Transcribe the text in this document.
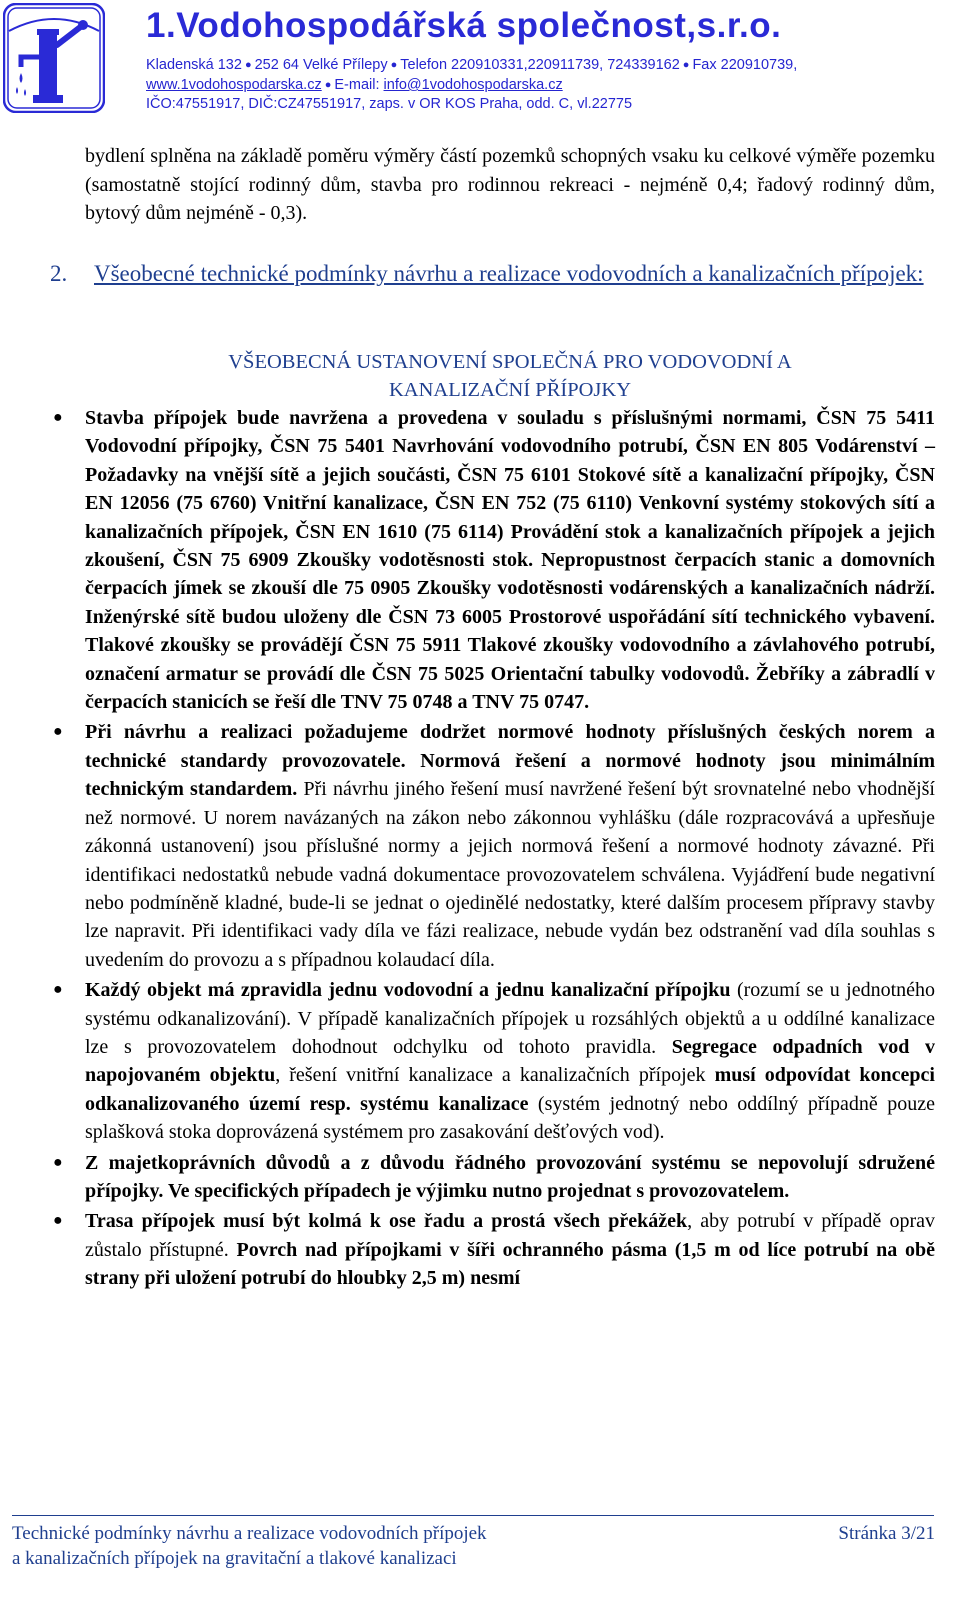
1.Vodohospodářská společnost,s.r.o.
Kladenská 132 ● 252 64 Velké Přílepy ● Telefon 220910331,220911739, 724339162 ● Fax 220910739,
www.1vodohospodarska.cz ● E-mail: info@1vodohospodarska.cz
IČO:47551917, DIČ:CZ47551917, zaps. v OR KOS Praha, odd. C, vl.22775

bydlení splněna na základě poměru výměry částí pozemků schopných vsaku ku celkové výměře pozemku (samostatně stojící rodinný dům, stavba pro rodinnou rekreaci - nejméně 0,4; řadový rodinný dům, bytový dům nejméně - 0,3).

2. Všeobecné technické podmínky návrhu a realizace vodovodních a kanalizačních přípojek:
VŠEOBECNÁ USTANOVENÍ SPOLEČNÁ PRO VODOVODNÍ A
KANALIZAČNÍ PŘÍPOJKY
● Stavba přípojek bude navržena a provedena v souladu s příslušnými normami, ČSN 75 5411 Vodovodní přípojky, ČSN 75 5401 Navrhování vodovodního potrubí, ČSN EN 805 Vodárenství – Požadavky na vnější sítě a jejich součásti, ČSN 75 6101 Stokové sítě a kanalizační přípojky, ČSN EN 12056 (75 6760) Vnitřní kanalizace, ČSN EN 752 (75 6110) Venkovní systémy stokových sítí a kanalizačních přípojek, ČSN EN 1610 (75 6114) Provádění stok a kanalizačních přípojek a jejich zkoušení, ČSN 75 6909 Zkoušky vodotěsnosti stok. Nepropustnost čerpacích stanic a domovních čerpacích jímek se zkouší dle 75 0905 Zkoušky vodotěsnosti vodárenských a kanalizačních nádrží. Inženýrské sítě budou uloženy dle ČSN 73 6005 Prostorové uspořádání sítí technického vybavení. Tlakové zkoušky se provádějí ČSN 75 5911 Tlakové zkoušky vodovodního a závlahového potrubí, označení armatur se provádí dle ČSN 75 5025 Orientační tabulky vodovodů. Žebříky a zábradlí v čerpacích stanicích se řeší dle TNV 75 0748 a TNV 75 0747.
● Při návrhu a realizaci požadujeme dodržet normové hodnoty příslušných českých norem a technické standardy provozovatele. Normová řešení a normové hodnoty jsou minimálním technickým standardem. Při návrhu jiného řešení musí navržené řešení být srovnatelné nebo vhodnější než normové. U norem navázaných na zákon nebo zákonnou vyhlášku (dále rozpracovává a upřesňuje zákonná ustanovení) jsou příslušné normy a jejich normová řešení a normové hodnoty závazné. Při identifikaci nedostatků nebude vadná dokumentace provozovatelem schválena. Vyjádření bude negativní nebo podmíněně kladné, bude-li se jednat o ojedinělé nedostatky, které dalším procesem přípravy stavby lze napravit. Při identifikaci vady díla ve fázi realizace, nebude vydán bez odstranění vad díla souhlas s uvedením do provozu a s případnou kolaudací díla.
● Každý objekt má zpravidla jednu vodovodní a jednu kanalizační přípojku (rozumí se u jednotného systému odkanalizování). V případě kanalizačních přípojek u rozsáhlých objektů a u oddílné kanalizace lze s provozovatelem dohodnout odchylku od tohoto pravidla. Segregace odpadních vod v napojovaném objektu, řešení vnitřní kanalizace a kanalizačních přípojek musí odpovídat koncepci odkanalizovaného území resp. systému kanalizace (systém jednotný nebo oddílný případně pouze splašková stoka doprovázená systémem pro zasakování dešťových vod).
● Z majetkoprávních důvodů a z důvodu řádného provozování systému se nepovolují sdružené přípojky. Ve specifických případech je výjimku nutno projednat s provozovatelem.
● Trasa přípojek musí být kolmá k ose řadu a prostá všech překážek, aby potrubí v případě oprav zůstalo přístupné. Povrch nad přípojkami v šíři ochranného pásma (1,5 m od líce potrubí na obě strany při uložení potrubí do hloubky 2,5 m) nesmí
Technické podmínky návrhu a realizace vodovodních přípojek
a kanalizačních přípojek na gravitační a tlakové kanalizaci
Stránka 3/21
